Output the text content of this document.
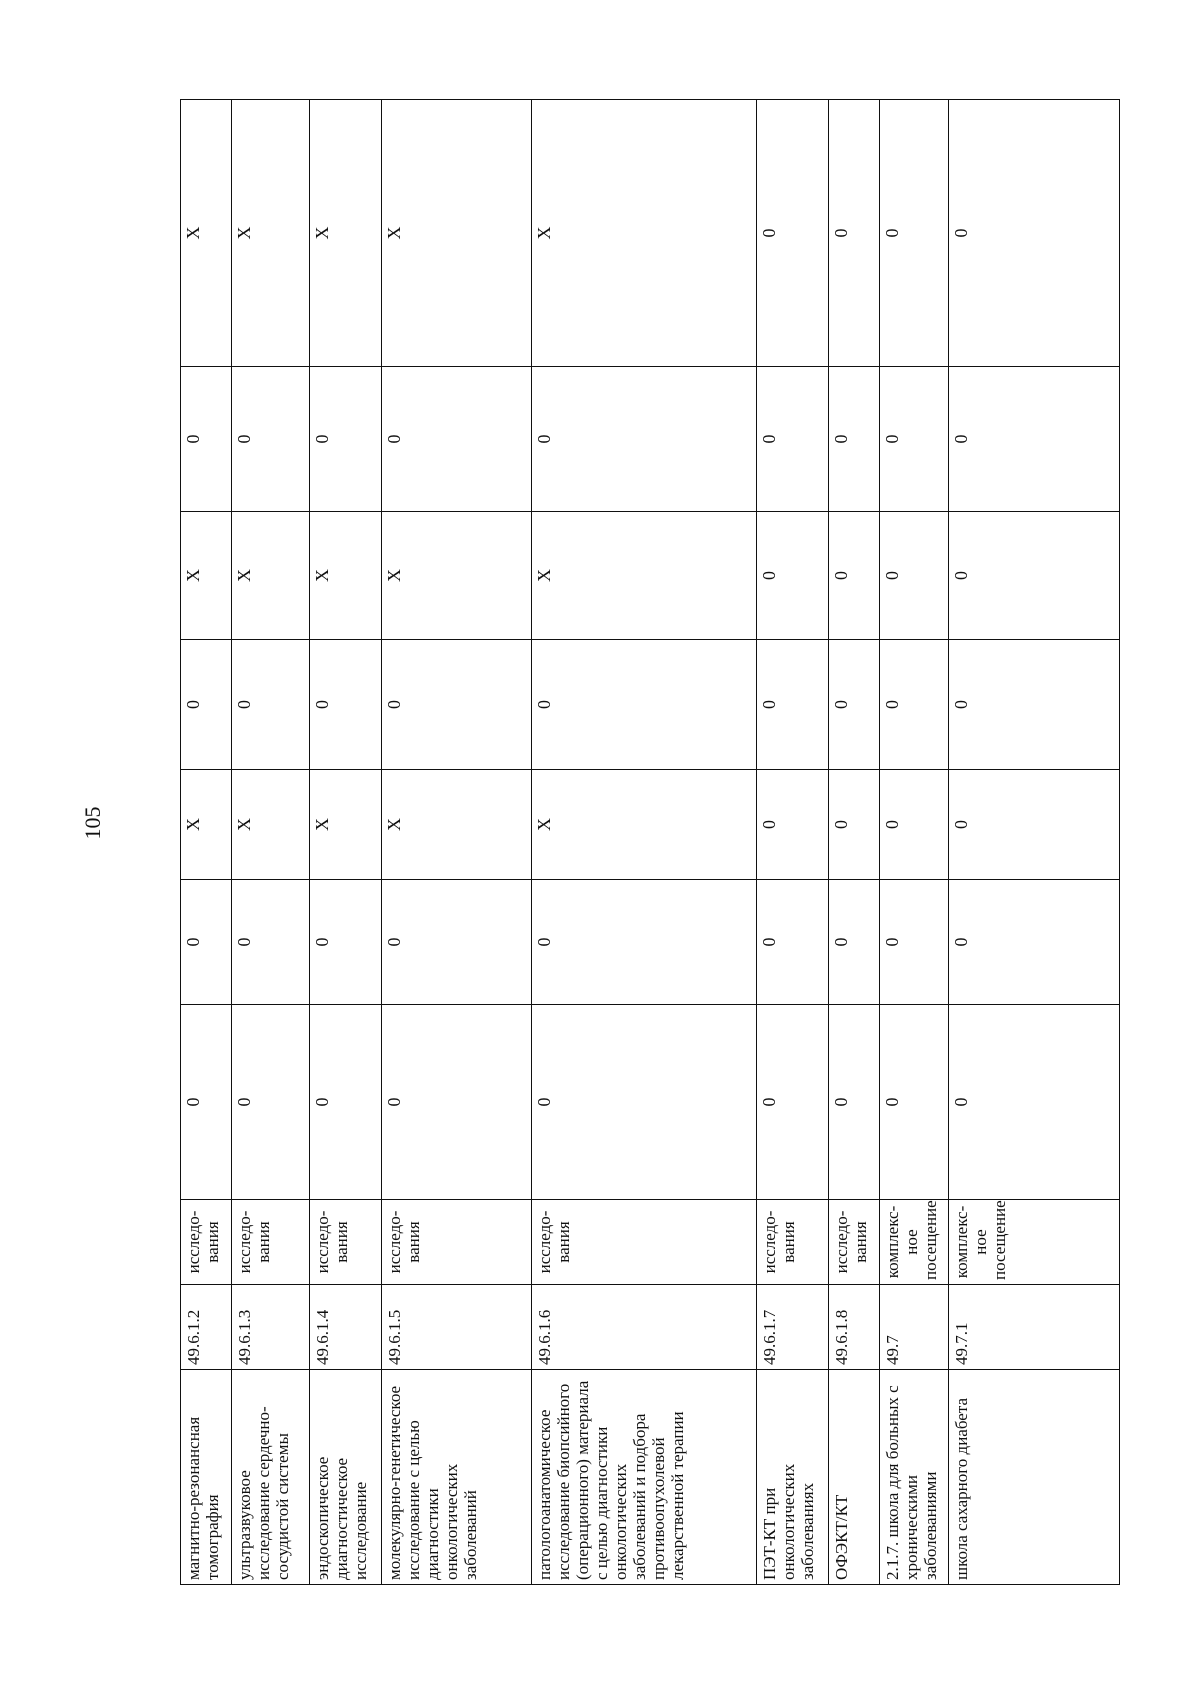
105
магнитно-резонансная томография	49.6.1.2	исследо-вания	0	0	X	0	X	0	X
ультразвуковое исследование сердечно-сосудистой системы	49.6.1.3	исследо-вания	0	0	X	0	X	0	X
эндоскопическое диагностическое исследование	49.6.1.4	исследо-вания	0	0	X	0	X	0	X
молекулярно-генетическое исследование с целью диагностики онкологических заболеваний	49.6.1.5	исследо-вания	0	0	X	0	X	0	X
патологоанатомическое исследование биопсийного (операционного) материала с целью диагностики онкологических заболеваний и подбора противоопухолевой лекарственной терапии	49.6.1.6	исследо-вания	0	0	X	0	X	0	X
ПЭТ-КТ при онкологических заболеваниях	49.6.1.7	исследо-вания	0	0	0	0	0	0	0
ОФЭКТ/КТ	49.6.1.8	исследо-вания	0	0	0	0	0	0	0
2.1.7. школа для больных с хроническими заболеваниями	49.7	комплекс-ное посещение	0	0	0	0	0	0	0
школа сахарного диабета	49.7.1	комплекс-ное посещение	0	0	0	0	0	0	0
